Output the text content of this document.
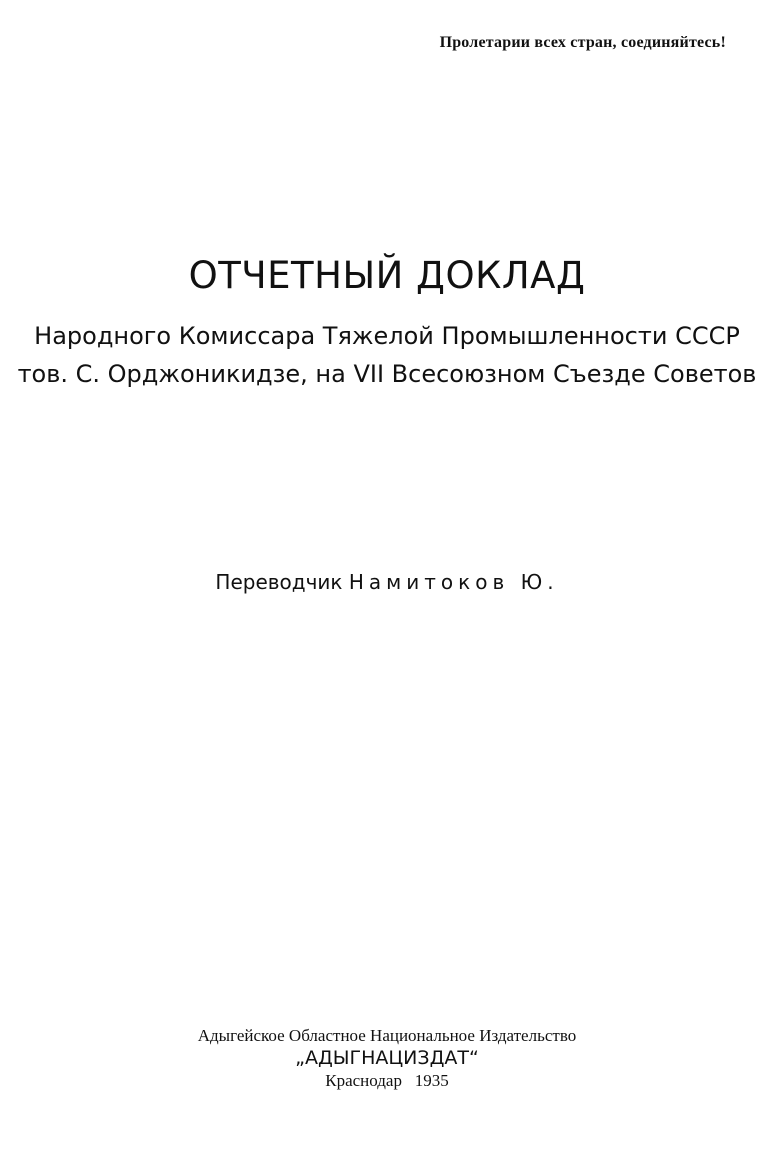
Пролетарии всех стран, соединяйтесь!
ОТЧЕТНЫЙ ДОКЛАД
Народного Комиссара Тяжелой Промышленности СССР
тов. С. Орджоникидзе, на VII Всесоюзном Съезде Советов
Переводчик Намитоков Ю.
Адыгейское Областное Национальное Издательство
„АДЫГНАЦИЗДАТ“
Краснодар   1935
